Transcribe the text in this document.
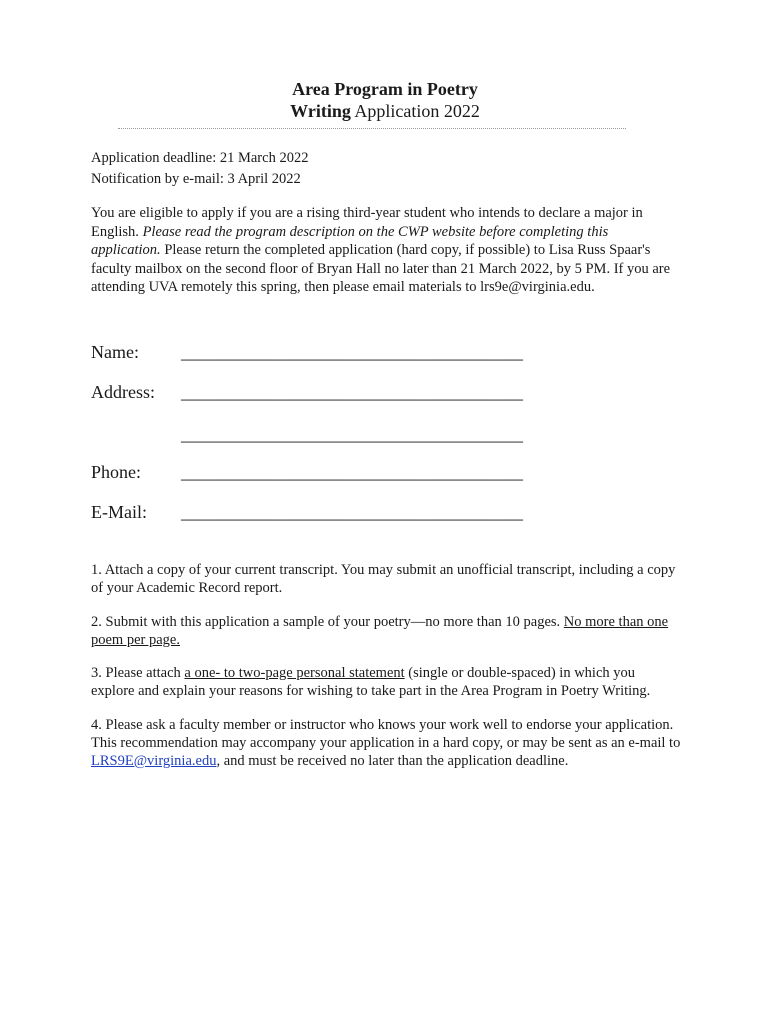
Area Program in Poetry
Writing Application 2022
Application deadline: 21 March 2022
Notification by e-mail: 3 April 2022
You are eligible to apply if you are a rising third-year student who intends to declare a major in English. Please read the program description on the CWP website before completing this application. Please return the completed application (hard copy, if possible) to Lisa Russ Spaar's faculty mailbox on the second floor of Bryan Hall no later than 21 March 2022, by 5 PM. If you are attending UVA remotely this spring, then please email materials to lrs9e@virginia.edu.
Name: ______________________________________
Address: ______________________________________
______________________________________
Phone: ______________________________________
E-Mail: ______________________________________
1. Attach a copy of your current transcript. You may submit an unofficial transcript, including a copy of your Academic Record report.
2. Submit with this application a sample of your poetry—no more than 10 pages. No more than one poem per page.
3. Please attach a one- to two-page personal statement (single or double-spaced) in which you explore and explain your reasons for wishing to take part in the Area Program in Poetry Writing.
4. Please ask a faculty member or instructor who knows your work well to endorse your application. This recommendation may accompany your application in a hard copy, or may be sent as an e-mail to LRS9E@virginia.edu, and must be received no later than the application deadline.
